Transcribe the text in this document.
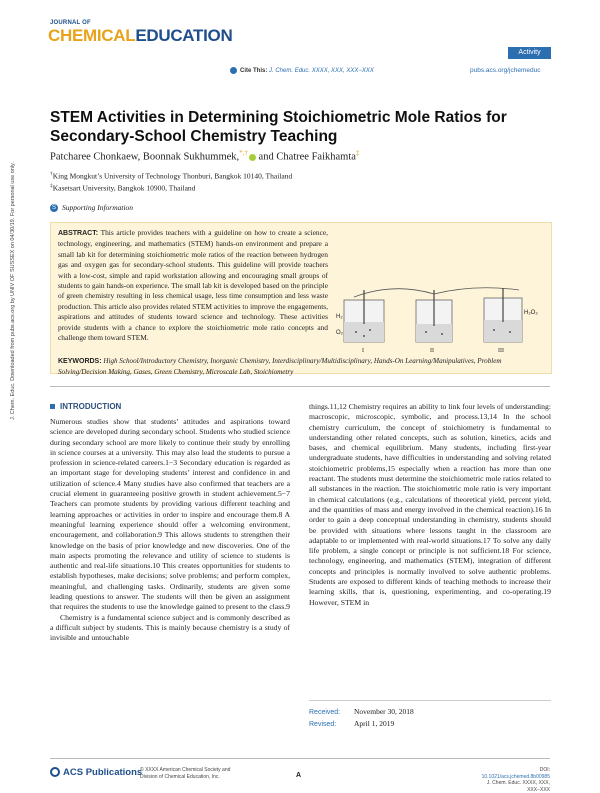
JOURNAL OF
CHEMICALEDUCATION
Activity
Cite This: J. Chem. Educ. XXXX, XXX, XXX−XXX	pubs.acs.org/jchemeduc
J. Chem. Educ. Downloaded from pubs.acs.org by UNIV OF SUSSEX on 04/30/19. For personal use only.
STEM Activities in Determining Stoichiometric Mole Ratios for Secondary-School Chemistry Teaching
Patcharee Chonkaew, Boonnak Sukhummek,*,† and Chatree Faikhamta‡
†King Mongkut’s University of Technology Thonburi, Bangkok 10140, Thailand
‡Kasetsart University, Bangkok 10900, Thailand
S Supporting Information
ABSTRACT: This article provides teachers with a guideline on how to create a science, technology, engineering, and mathematics (STEM) hands-on environment and prepare a small lab kit for determining stoichiometric mole ratios of the reaction between hydrogen gas and oxygen gas for secondary-school students. This guideline will provide teachers with a low-cost, simple and rapid workstation allowing and encouraging small groups of students to gain hands-on experience. The small lab kit is developed based on the principle of green chemistry resulting in less chemical usage, less time consumption and less waste production. This article also provides related STEM activities to improve the engagements, aspirations and attitudes of students toward science and technology. These activities provide students with a chance to explore the stoichiometric mole ratio concepts and challenge them toward STEM.
H₂
O₂
H₂O₂
I	II	III
KEYWORDS: High School/Introductory Chemistry, Inorganic Chemistry, Interdisciplinary/Multidisciplinary, Hands-On Learning/Manipulatives, Problem Solving/Decision Making, Gases, Green Chemistry, Microscale Lab, Stoichiometry
INTRODUCTION

Numerous studies show that students’ attitudes and aspirations toward science are developed during secondary school. Students who studied science during secondary school are more likely to continue their study by enrolling in science courses at a university. This may also lead the students to pursue a profession in science-related careers.1−3 Secondary education is regarded as an important stage for developing students’ interest and confidence in and utilization of science.4 Many studies have also confirmed that teachers are a crucial element in guaranteeing positive growth in student achievement.5−7 Teachers can promote students by providing various different teaching and learning approaches or activities in order to inspire and encourage them.8 A meaningful learning experience should offer a welcoming environment, encouragement, and collaboration.9 This allows students to strengthen their knowledge on the basis of prior knowledge and new discoveries. One of the main aspects promoting the relevance and utility of science to students is authentic and real-life situations.10 This creates opportunities for students to establish hypotheses, make decisions; solve problems; and perform complex, meaningful, and challenging tasks. Ordinarily, students are given some leading questions to answer. The students will then be given an assignment that requires the students to use the knowledge gained to present to the class.9

Chemistry is a fundamental science subject and is commonly described as a difficult subject by students. This is mainly because chemistry is a study of invisible and untouchable

things.11,12 Chemistry requires an ability to link four levels of understanding: macroscopic, microscopic, symbolic, and process.13,14 In the school chemistry curriculum, the concept of stoichiometry is fundamental to understanding other related concepts, such as solution, kinetics, acids and bases, and chemical equilibrium. Many students, including first-year undergraduate students, have difficulties in understanding and solving related stoichiometric problems,15 especially when a reaction has more than one reactant. The students must determine the stoichiometric mole ratios related to all substances in the reaction. The stoichiometric mole ratio is very important in chemical calculations (e.g., calculations of theoretical yield, percent yield, and the quantities of mass and energy involved in the chemical reaction).16 In order to gain a deep conceptual understanding in chemistry, students should be provided with situations where lessons taught in the classroom are adaptable to or implemented with real-world situations.17 To solve any daily life problem, a single concept or principle is not sufficient.18 For science, technology, engineering, and mathematics (STEM), integration of different concepts and principles is normally involved to solve authentic problems. Students are exposed to different kinds of teaching methods to increase their learning skills, that is, questioning, experimenting, and co-operating.19 However, STEM in

Received: November 30, 2018
Revised: April 1, 2019
ACS Publications
© XXXX American Chemical Society and
Division of Chemical Education, Inc.	A
DOI: 10.1021/acs.jchemed.8b00985
J. Chem. Educ. XXXX, XXX, XXX−XXX
